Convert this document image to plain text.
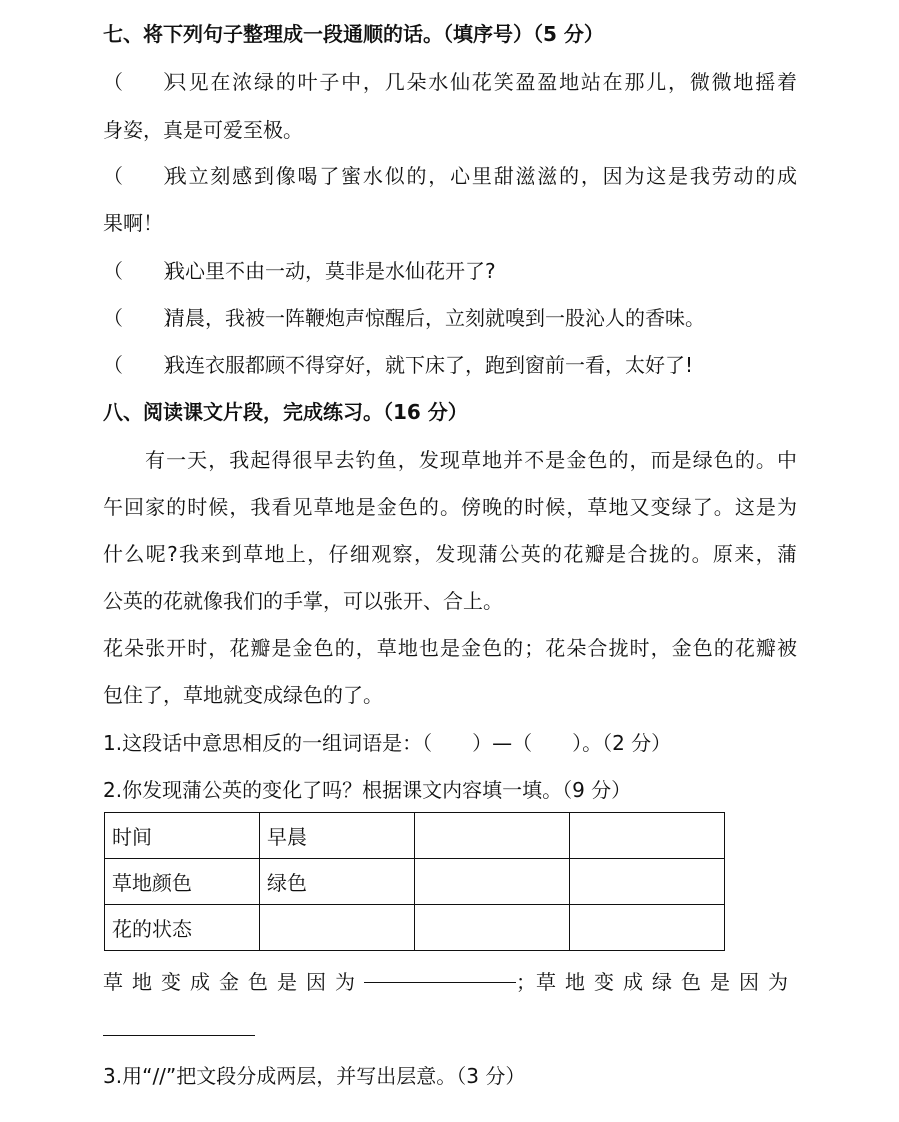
七、将下列句子整理成一段通顺的话。（填序号）（5 分）
（　　）只见在浓绿的叶子中，几朵水仙花笑盈盈地站在那儿，微微地摇着
身姿，真是可爱至极。
（　　）我立刻感到像喝了蜜水似的，心里甜滋滋的，因为这是我劳动的成
果啊！
（　　）我心里不由一动，莫非是水仙花开了?
（　　）清晨，我被一阵鞭炮声惊醒后，立刻就嗅到一股沁人的香味。
（　　）我连衣服都顾不得穿好，就下床了，跑到窗前一看，太好了!
八、阅读课文片段，完成练习。（16 分）
有一天，我起得很早去钓鱼，发现草地并不是金色的，而是绿色的。中
午回家的时候，我看见草地是金色的。傍晚的时候，草地又变绿了。这是为
什么呢?我来到草地上，仔细观察，发现蒲公英的花瓣是合拢的。原来，蒲
公英的花就像我们的手掌，可以张开、合上。
花朵张开时，花瓣是金色的，草地也是金色的；花朵合拢时，金色的花瓣被
包住了，草地就变成绿色的了。
1.这段话中意思相反的一组词语是：（　　）—（　　）。（2 分）
2.你发现蒲公英的变化了吗？根据课文内容填一填。（9 分）
时间	早晨		
草地颜色	绿色		
花的状态			
草地变成金色是因为	； 草地变成绿色是因为
3.用“//”把文段分成两层，并写出层意。（3 分）
